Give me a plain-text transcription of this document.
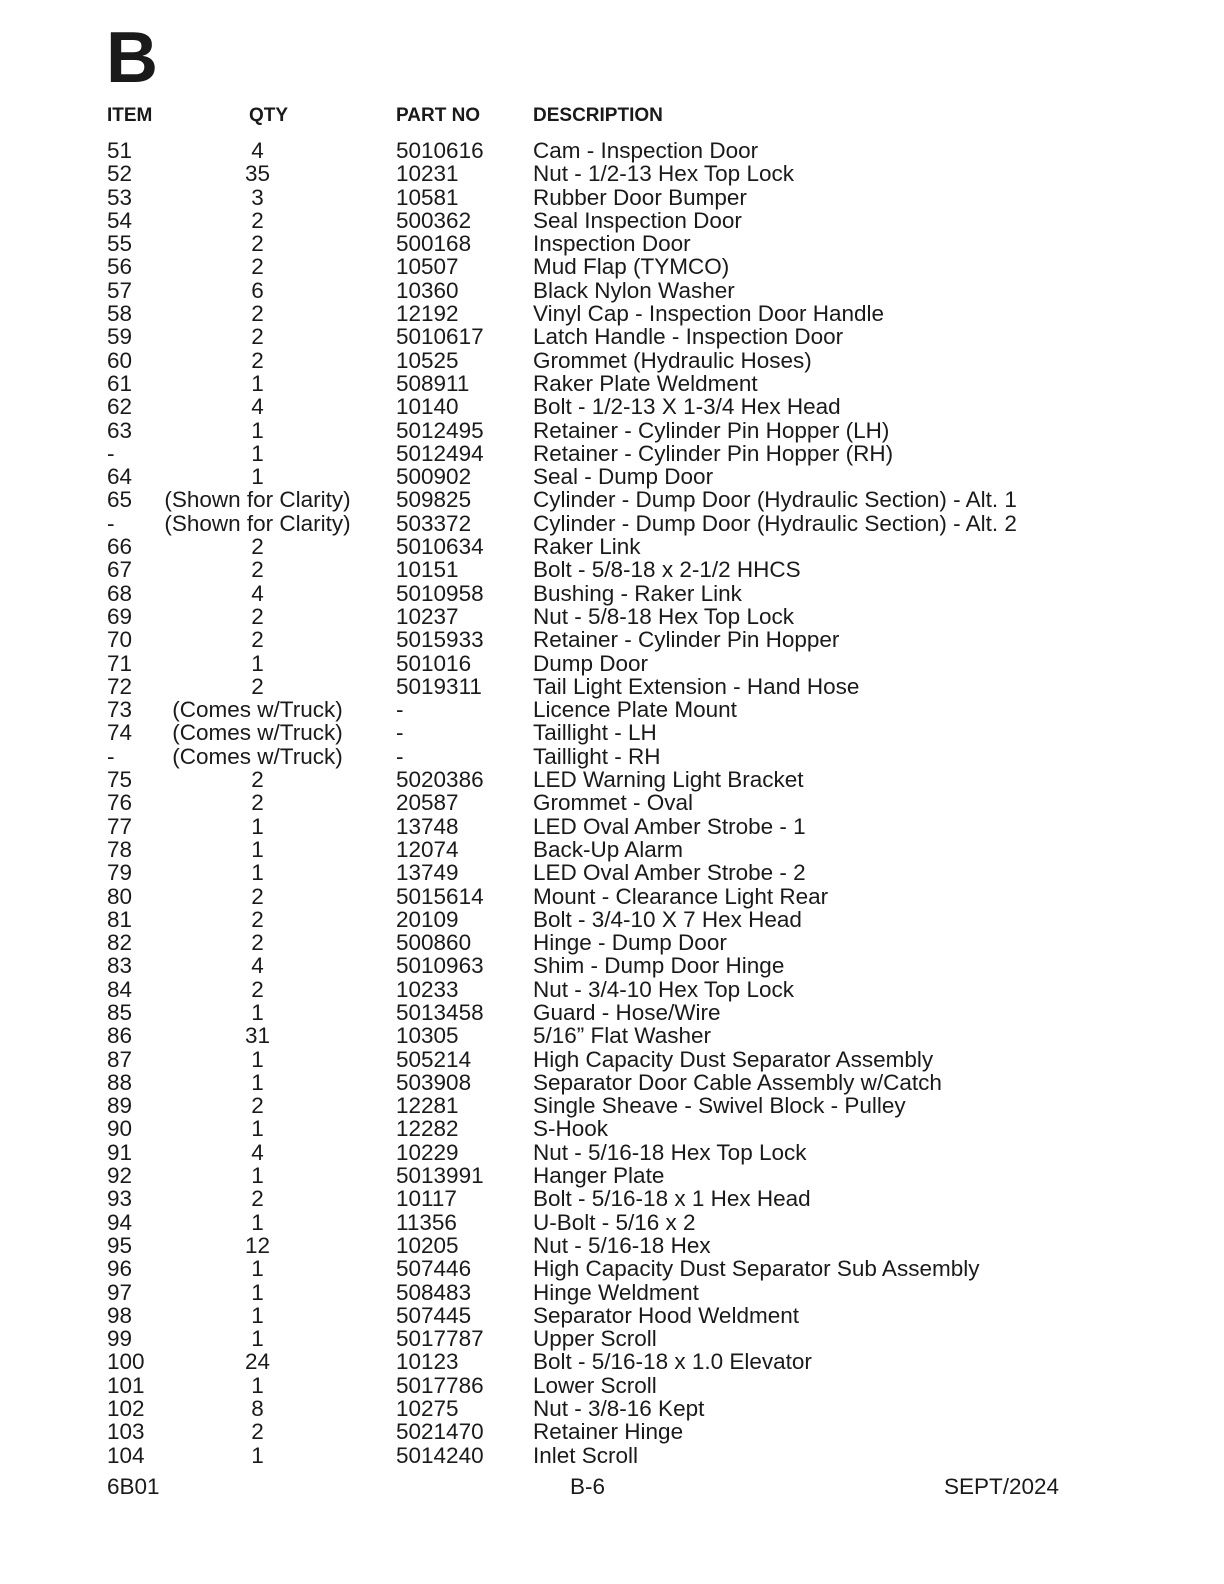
B
ITEM	QTY	PART NO	DESCRIPTION
51	4	5010616 Cam - Inspection Door
52	35	10231	Nut - 1/2-13 Hex Top Lock
53	3	10581	Rubber Door Bumper
54	2	500362	Seal Inspection Door
55	2	500168	Inspection Door
56	2	10507	Mud Flap (TYMCO)
57	6	10360	Black Nylon Washer
58	2	12192	Vinyl Cap - Inspection Door Handle
59	2	5010617 Latch Handle - Inspection Door
60	2	10525	Grommet (Hydraulic Hoses)
61	1	508911	Raker Plate Weldment
62	4	10140	Bolt - 1/2-13 X 1-3/4 Hex Head
63	1	5012495 Retainer - Cylinder Pin Hopper (LH)
-	1	5012494 Retainer - Cylinder Pin Hopper (RH)
64	1	500902	Seal - Dump Door
65	(Shown for Clarity)	509825	Cylinder - Dump Door (Hydraulic Section) - Alt. 1
-	(Shown for Clarity)	503372	Cylinder - Dump Door (Hydraulic Section) - Alt. 2
66	2	5010634 Raker Link
67	2	10151	Bolt - 5/8-18 x 2-1/2 HHCS
68	4	5010958 Bushing - Raker Link
69	2	10237	Nut - 5/8-18 Hex Top Lock
70	2	5015933 Retainer - Cylinder Pin Hopper
71	1	501016	Dump Door
72	2	5019311 Tail Light Extension - Hand Hose
73	(Comes w/Truck)	-	Licence Plate Mount
74	(Comes w/Truck)	-	Taillight - LH
-	(Comes w/Truck)	-	Taillight - RH
75	2	5020386 LED Warning Light Bracket
76	2	20587	Grommet - Oval
77	1	13748	LED Oval Amber Strobe - 1
78	1	12074	Back-Up Alarm
79	1	13749	LED Oval Amber Strobe - 2
80	2	5015614 Mount - Clearance Light Rear
81	2	20109	Bolt - 3/4-10 X 7 Hex Head
82	2	500860	Hinge - Dump Door
83	4	5010963 Shim - Dump Door Hinge
84	2	10233	Nut - 3/4-10 Hex Top Lock
85	1	5013458 Guard - Hose/Wire
86	31	10305	5/16” Flat Washer
87	1	505214	High Capacity Dust Separator Assembly
88	1	503908	Separator Door Cable Assembly w/Catch
89	2	12281	Single Sheave - Swivel Block - Pulley
90	1	12282	S-Hook
91	4	10229	Nut - 5/16-18 Hex Top Lock
92	1	5013991 Hanger Plate
93	2	10117	Bolt - 5/16-18 x 1 Hex Head
94	1	11356	U-Bolt - 5/16 x 2
95	12	10205	Nut - 5/16-18 Hex
96	1	507446	High Capacity Dust Separator Sub Assembly
97	1	508483	Hinge Weldment
98	1	507445	Separator Hood Weldment
99	1	5017787 Upper Scroll
100	24	10123	Bolt - 5/16-18 x 1.0 Elevator
101	1	5017786 Lower Scroll
102	8	10275	Nut - 3/8-16 Kept
103	2	5021470 Retainer Hinge
104	1	5014240 Inlet Scroll
6B01	B-6	SEPT/2024
